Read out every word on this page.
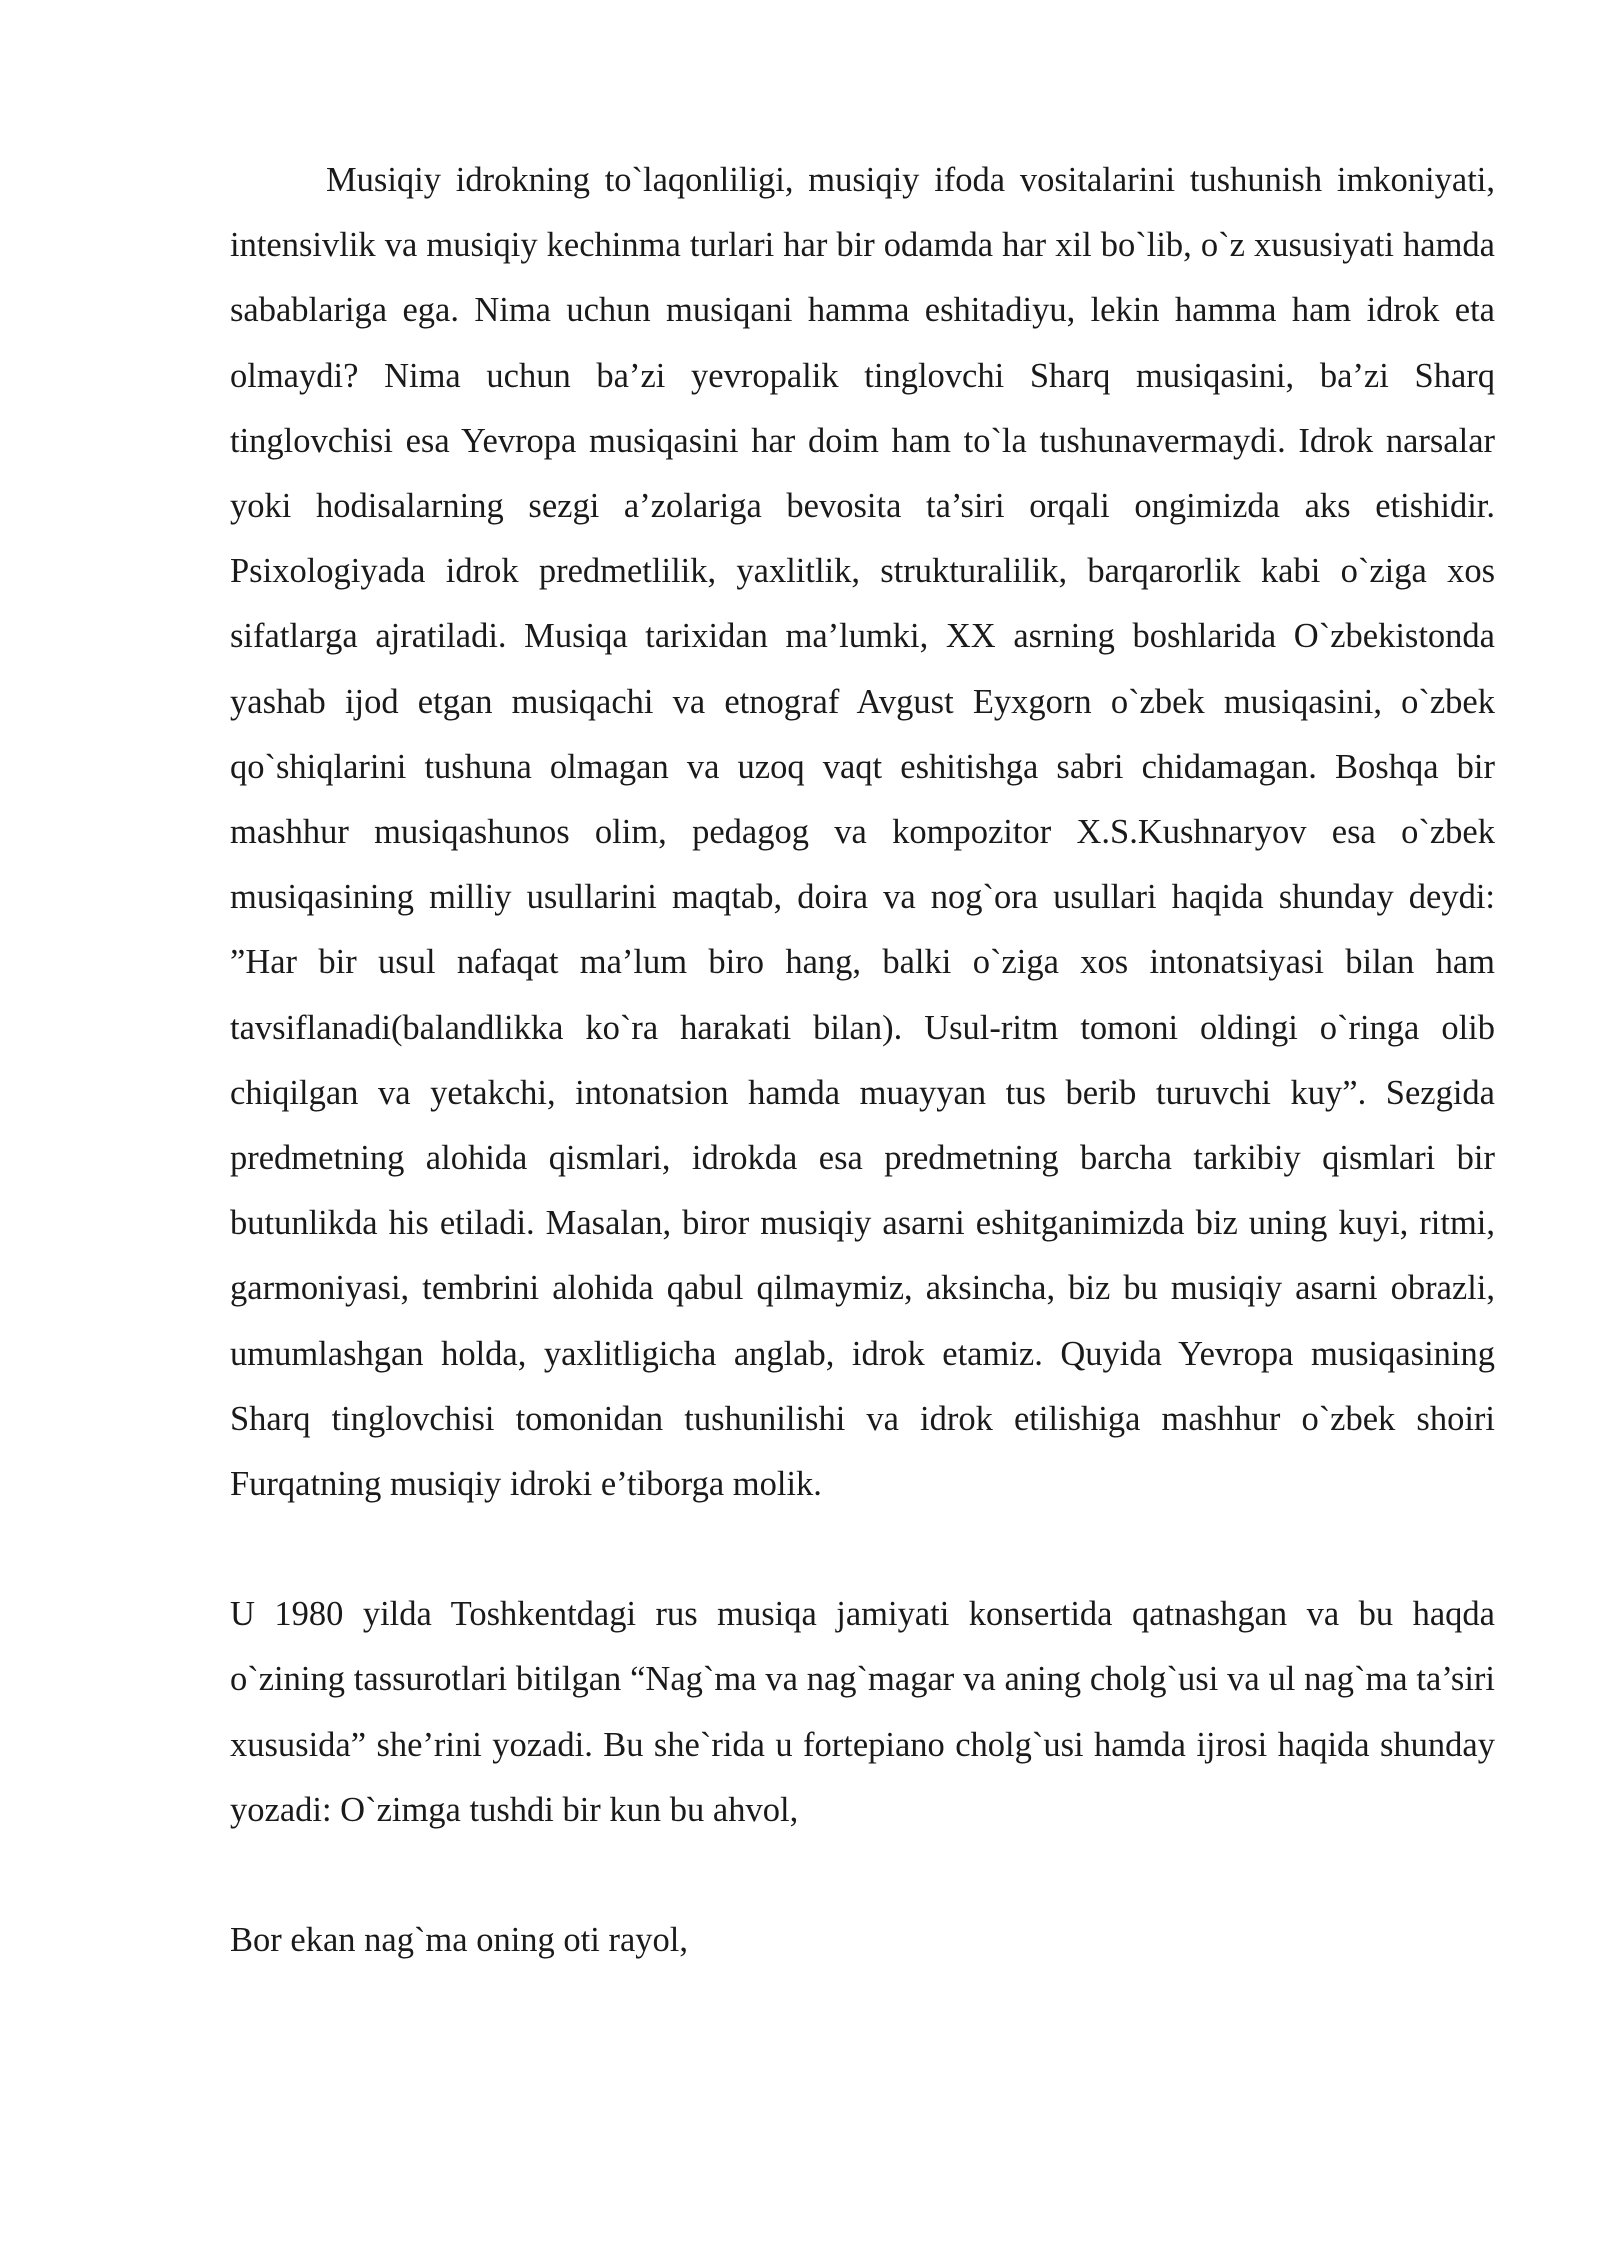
Musiqiy idrokning to`laqonliligi, musiqiy ifoda vositalarini tushunish imkoniyati, intensivlik va musiqiy kechinma turlari har bir odamda har xil bo`lib, o`z xususiyati hamda sabablariga ega. Nima uchun musiqani hamma eshitadiyu, lekin hamma ham idrok eta olmaydi? Nima uchun ba’zi yevropalik tinglovchi Sharq musiqasini, ba’zi Sharq tinglovchisi esa Yevropa musiqasini har doim ham to`la tushunavermaydi. Idrok narsalar yoki hodisalarning sezgi a’zolariga bevosita ta’siri orqali ongimizda aks etishidir. Psixologiyada idrok predmetlilik, yaxlitlik, strukturalilik, barqarorlik kabi o`ziga xos sifatlarga ajratiladi. Musiqa tarixidan ma’lumki, XX asrning boshlarida O`zbekistonda yashab ijod etgan musiqachi va etnograf Avgust Eyxgorn o`zbek musiqasini, o`zbek qo`shiqlarini tushuna olmagan va uzoq vaqt eshitishga sabri chidamagan. Boshqa bir mashhur musiqashunos olim, pedagog va kompozitor X.S.Kushnaryov esa o`zbek musiqasining milliy usullarini maqtab, doira va nog`ora usullari haqida shunday deydi: ”Har bir usul nafaqat ma’lum biro hang, balki o`ziga xos intonatsiyasi bilan ham tavsiflanadi(balandlikka ko`ra harakati bilan). Usul-ritm tomoni oldingi o`ringa olib chiqilgan va yetakchi, intonatsion hamda muayyan tus berib turuvchi kuy”. Sezgida predmetning alohida qismlari, idrokda esa predmetning barcha tarkibiy qismlari bir butunlikda his etiladi. Masalan, biror musiqiy asarni eshitganimizda biz uning kuyi, ritmi, garmoniyasi, tembrini alohida qabul qilmaymiz, aksincha, biz bu musiqiy asarni obrazli, umumlashgan holda, yaxlitligicha anglab, idrok etamiz. Quyida Yevropa musiqasining Sharq tinglovchisi tomonidan tushunilishi va idrok etilishiga mashhur o`zbek shoiri Furqatning musiqiy idroki e’tiborga molik.

U 1980 yilda Toshkentdagi rus musiqa jamiyati konsertida qatnashgan va bu haqda o`zining tassurotlari bitilgan “Nag`ma va nag`magar va aning cholg`usi va ul nag`ma ta’siri xususida” she’rini yozadi. Bu she`rida u fortepiano cholg`usi hamda ijrosi haqida shunday yozadi: O`zimga tushdi bir kun bu ahvol,

Bor ekan nag`ma oning oti rayol,
